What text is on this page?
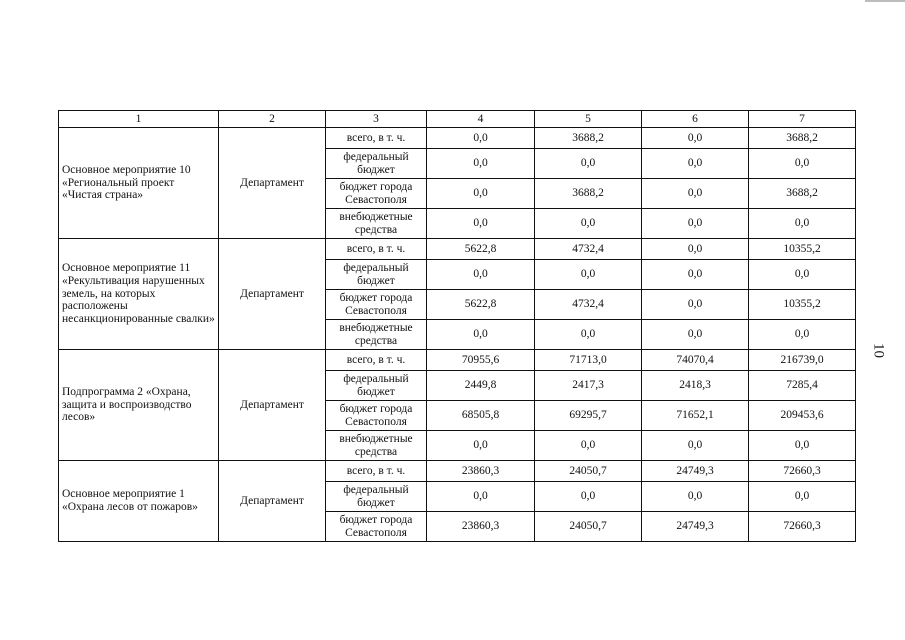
10
1	2	3	4	5	6	7
Основное мероприятие 10 «Региональный проект «Чистая страна»	Департамент	всего, в т. ч.	0,0	3688,2	0,0	3688,2
		федеральный бюджет	0,0	0,0	0,0	0,0
		бюджет города Севастополя	0,0	3688,2	0,0	3688,2
		внебюджетные средства	0,0	0,0	0,0	0,0
Основное мероприятие 11 «Рекультивация нарушенных земель, на которых расположены несанкционированные свалки»	Департамент	всего, в т. ч.	5622,8	4732,4	0,0	10355,2
		федеральный бюджет	0,0	0,0	0,0	0,0
		бюджет города Севастополя	5622,8	4732,4	0,0	10355,2
		внебюджетные средства	0,0	0,0	0,0	0,0
Подпрограмма 2 «Охрана, защита и воспроизводство лесов»	Департамент	всего, в т. ч.	70955,6	71713,0	74070,4	216739,0
		федеральный бюджет	2449,8	2417,3	2418,3	7285,4
		бюджет города Севастополя	68505,8	69295,7	71652,1	209453,6
		внебюджетные средства	0,0	0,0	0,0	0,0
Основное мероприятие 1 «Охрана лесов от пожаров»	Департамент	всего, в т. ч.	23860,3	24050,7	24749,3	72660,3
		федеральный бюджет	0,0	0,0	0,0	0,0
		бюджет города Севастополя	23860,3	24050,7	24749,3	72660,3
